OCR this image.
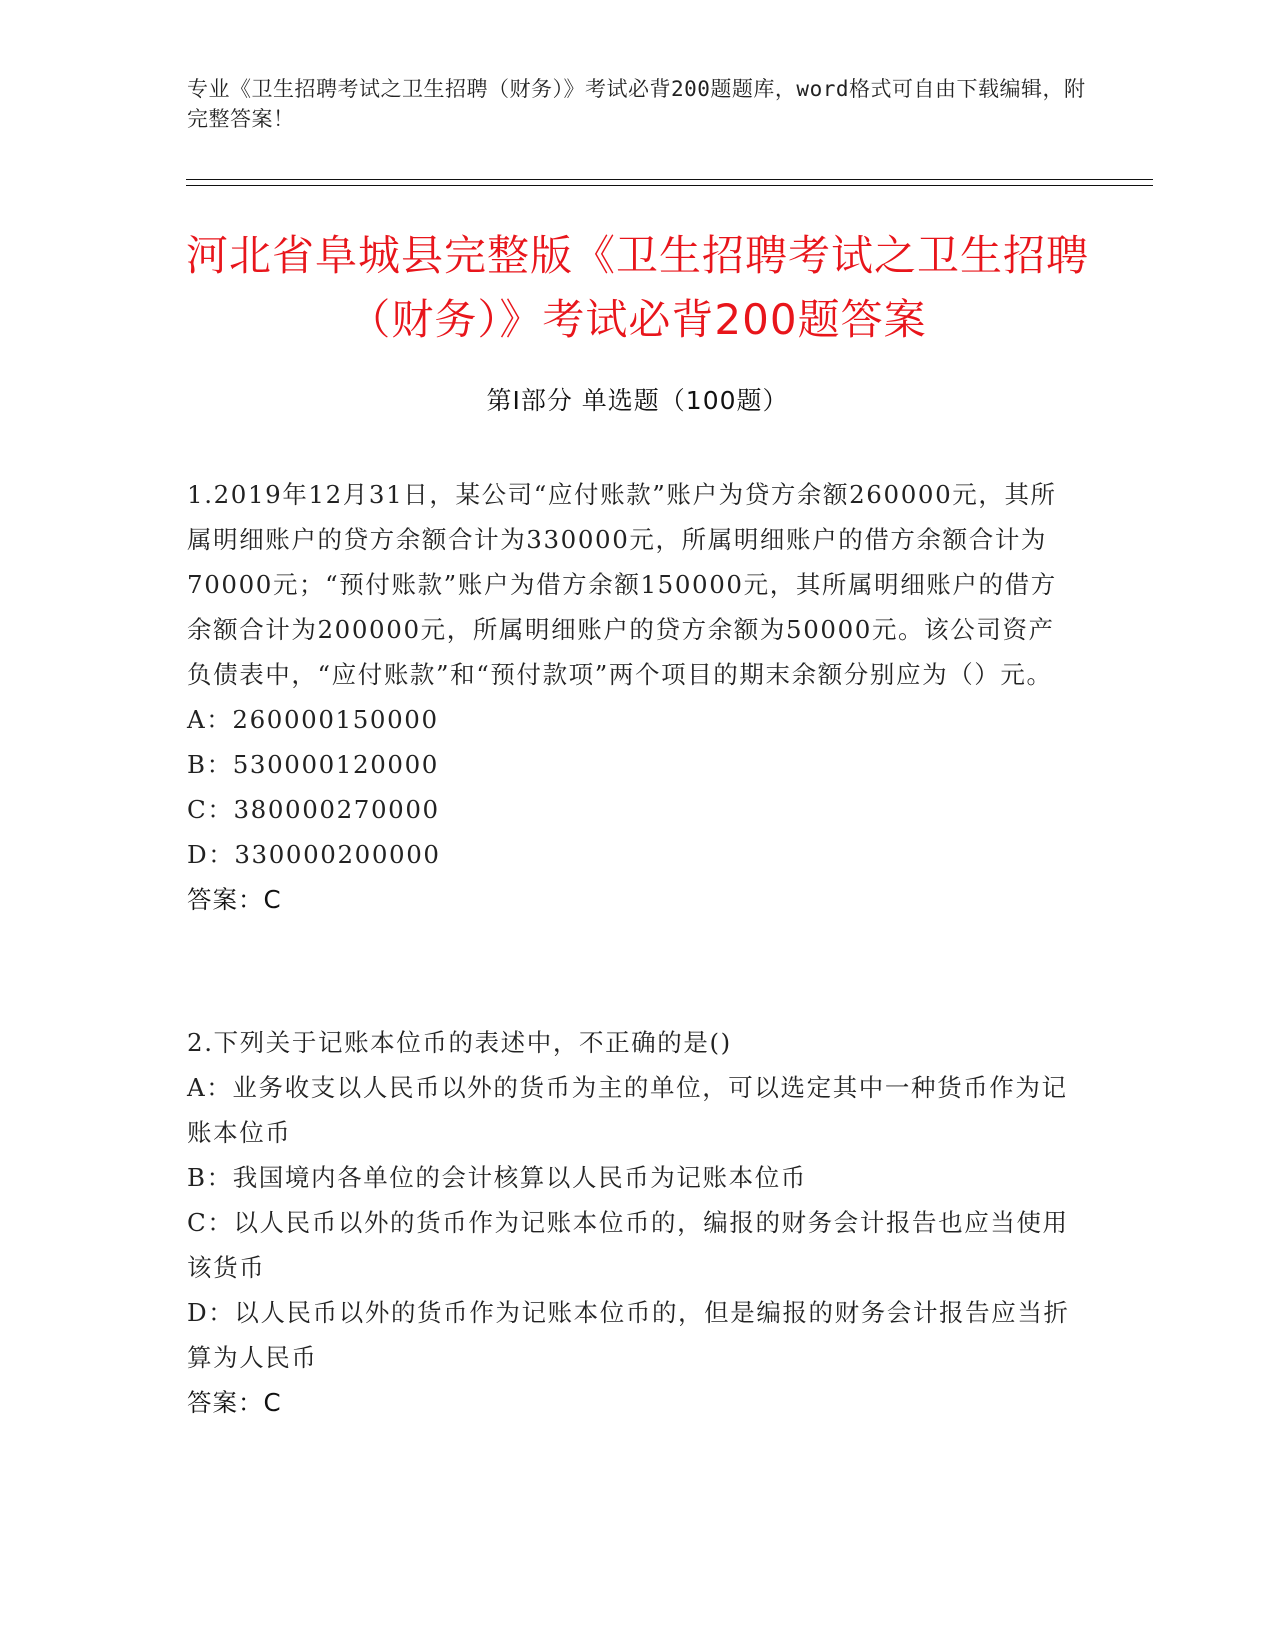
专业《卫生招聘考试之卫生招聘（财务）》考试必背200题题库，word格式可自由下载编辑，附完整答案！
河北省阜城县完整版《卫生招聘考试之卫生招聘（财务）》考试必背200题答案
第Ⅰ部分 单选题（100题）

1.2019年12月31日，某公司“应付账款”账户为贷方余额260000元，其所属明细账户的贷方余额合计为330000元，所属明细账户的借方余额合计为70000元；“预付账款”账户为借方余额150000元，其所属明细账户的借方余额合计为200000元，所属明细账户的贷方余额为50000元。该公司资产负债表中，“应付账款”和“预付款项”两个项目的期末余额分别应为（）元。

A：260000150000

B：530000120000

C：380000270000

D：330000200000

答案：C

2.下列关于记账本位币的表述中，不正确的是()

A：业务收支以人民币以外的货币为主的单位，可以选定其中一种货币作为记账本位币

B：我国境内各单位的会计核算以人民币为记账本位币

C：以人民币以外的货币作为记账本位币的，编报的财务会计报告也应当使用该货币

D：以人民币以外的货币作为记账本位币的，但是编报的财务会计报告应当折算为人民币

答案：C
